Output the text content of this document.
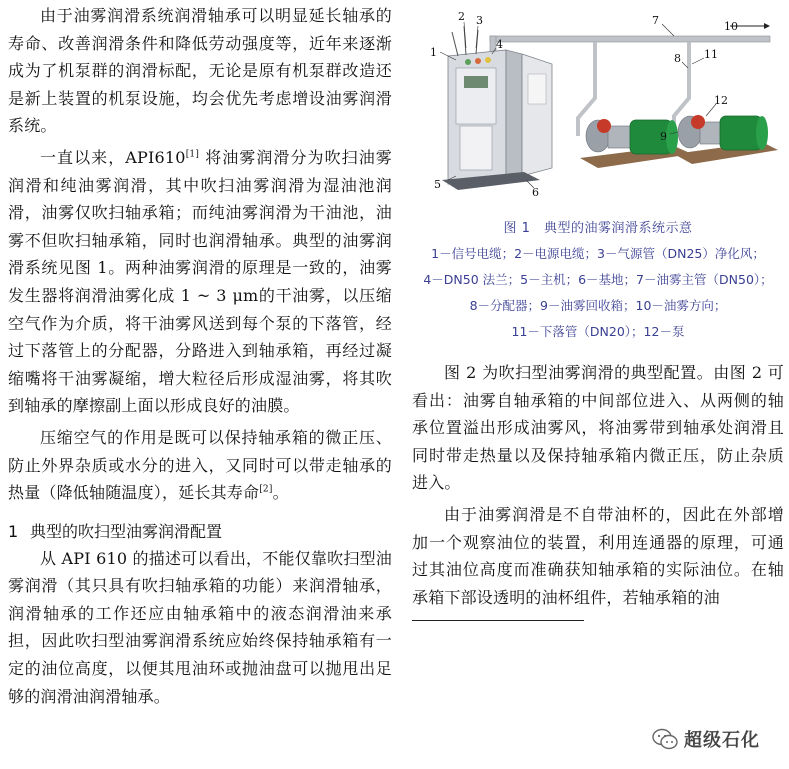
由于油雾润滑系统润滑轴承可以明显延长轴承的寿命、改善润滑条件和降低劳动强度等，近年来逐渐成为了机泵群的润滑标配，无论是原有机泵群改造还是新上装置的机泵设施，均会优先考虑增设油雾润滑系统。

一直以来，API610[1] 将油雾润滑分为吹扫油雾润滑和纯油雾润滑，其中吹扫油雾润滑为湿油池润滑，油雾仅吹扫轴承箱；而纯油雾润滑为干油池，油雾不但吹扫轴承箱，同时也润滑轴承。典型的油雾润滑系统见图 1。两种油雾润滑的原理是一致的，油雾发生器将润滑油雾化成 1 ~ 3 μm的干油雾，以压缩空气作为介质，将干油雾风送到每个泵的下落管，经过下落管上的分配器，分路进入到轴承箱，再经过凝缩嘴将干油雾凝缩，增大粒径后形成湿油雾，将其吹到轴承的摩擦副上面以形成良好的油膜。

压缩空气的作用是既可以保持轴承箱的微正压、防止外界杂质或水分的进入，又同时可以带走轴承的热量（降低轴随温度），延长其寿命[2]。

1 典型的吹扫型油雾润滑配置

从 API 610 的描述可以看出，不能仅靠吹扫型油雾润滑（其只具有吹扫轴承箱的功能）来润滑轴承，润滑轴承的工作还应由轴承箱中的液态润滑油来承担，因此吹扫型油雾润滑系统应始终保持轴承箱有一定的油位高度，以便其甩油环或抛油盘可以抛甩出足够的润滑油润滑轴承。

1
2 3
4
5
6
7
8
9
10
11
12
图 1　典型的油雾润滑系统示意
1－信号电缆；2－电源电缆；3－气源管（DN25）净化风；
4－DN50 法兰；5－主机；6－基地；7－油雾主管（DN50）；
8－分配器；9－油雾回收箱；10－油雾方向；
11－下落管（DN20）；12－泵

图 2 为吹扫型油雾润滑的典型配置。由图 2 可看出：油雾自轴承箱的中间部位进入、从两侧的轴承位置溢出形成油雾风，将油雾带到轴承处润滑且同时带走热量以及保持轴承箱内微正压，防止杂质进入。

由于油雾润滑是不自带油杯的，因此在外部增加一个观察油位的装置，利用连通器的原理，可通过其油位高度而准确获知轴承箱的实际油位。在轴承箱下部设透明的油杯组件，若轴承箱的油

超级石化
